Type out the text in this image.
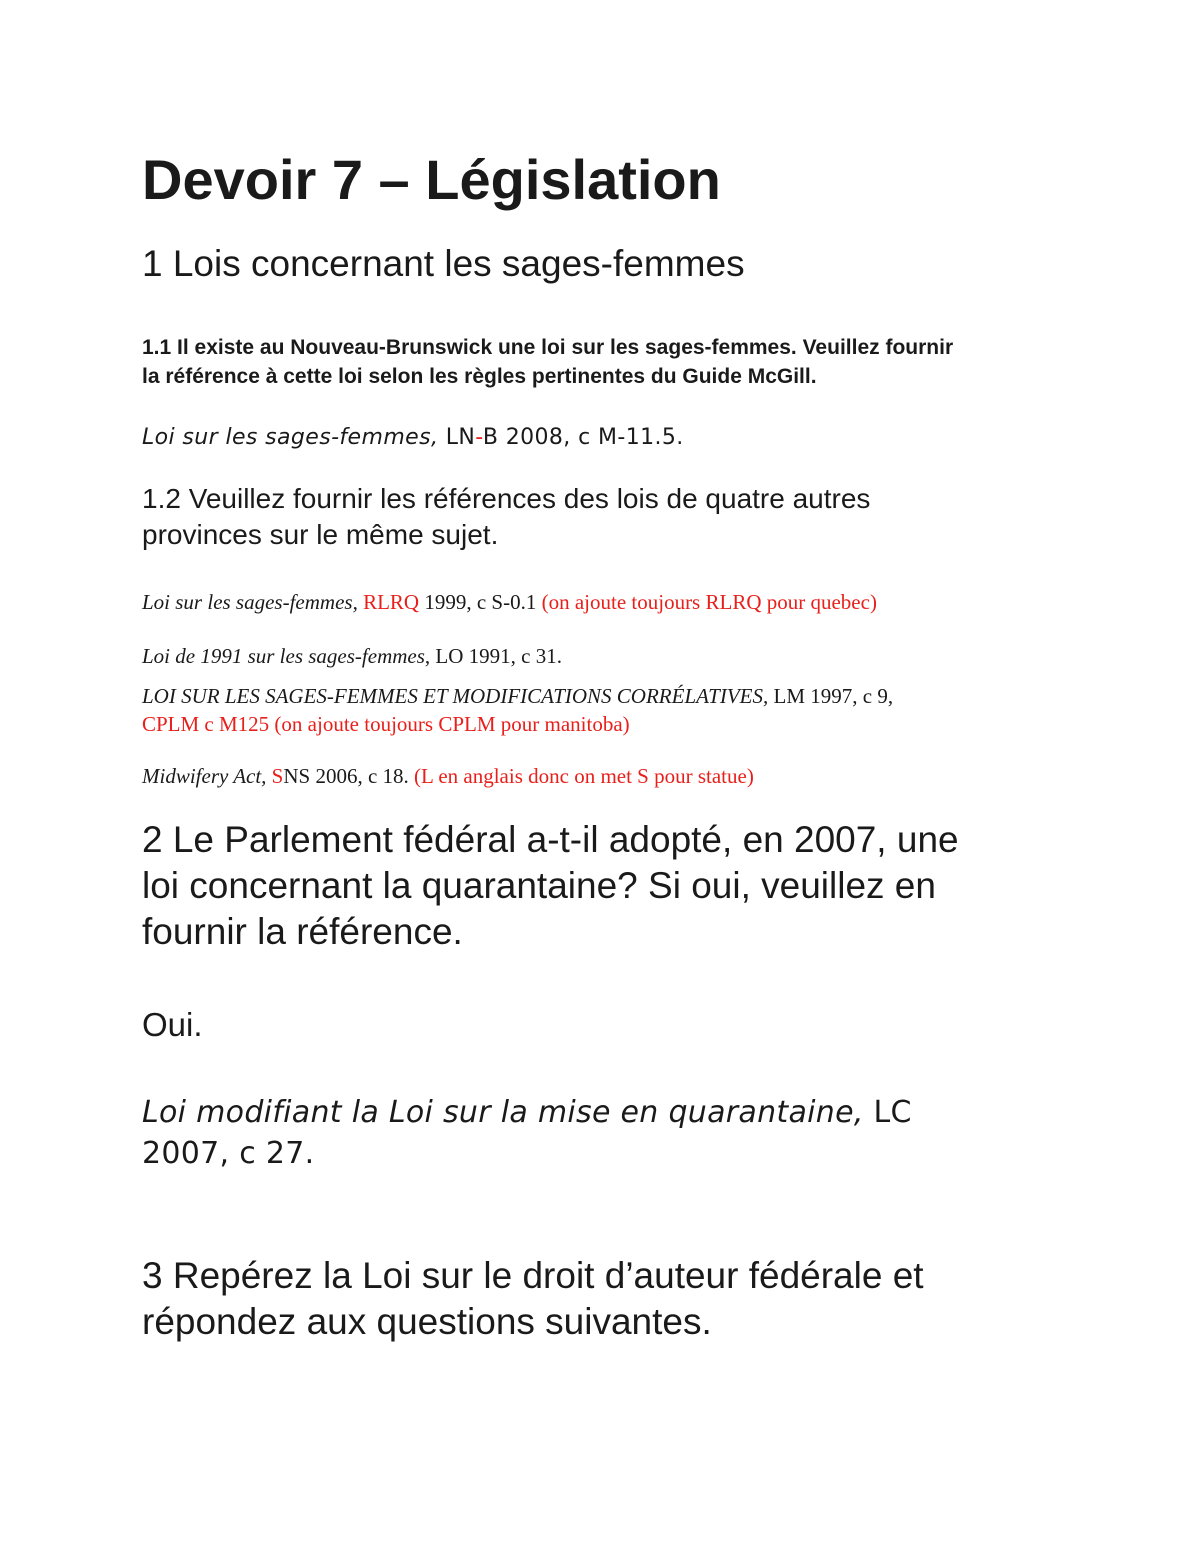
Devoir 7 – Législation
1 Lois concernant les sages-femmes
1.1 Il existe au Nouveau-Brunswick une loi sur les sages-femmes. Veuillez fournir
la référence à cette loi selon les règles pertinentes du Guide McGill.

Loi sur les sages-femmes, LN-B 2008, c M-11.5.

1.2 Veuillez fournir les références des lois de quatre autres
provinces sur le même sujet.

Loi sur les sages-femmes, RLRQ 1999, c S-0.1 (on ajoute toujours RLRQ pour quebec)

Loi de 1991 sur les sages-femmes, LO 1991, c 31.

LOI SUR LES SAGES-FEMMES ET MODIFICATIONS CORRÉLATIVES, LM 1997, c 9,
CPLM c M125 (on ajoute toujours CPLM pour manitoba)

Midwifery Act, SNS 2006, c 18. (L en anglais donc on met S pour statue)

2 Le Parlement fédéral a-t-il adopté, en 2007, une
loi concernant la quarantaine? Si oui, veuillez en
fournir la référence.

Oui.

Loi modifiant la Loi sur la mise en quarantaine, LC
2007, c 27.
3 Repérez la Loi sur le droit d’auteur fédérale et
répondez aux questions suivantes.
